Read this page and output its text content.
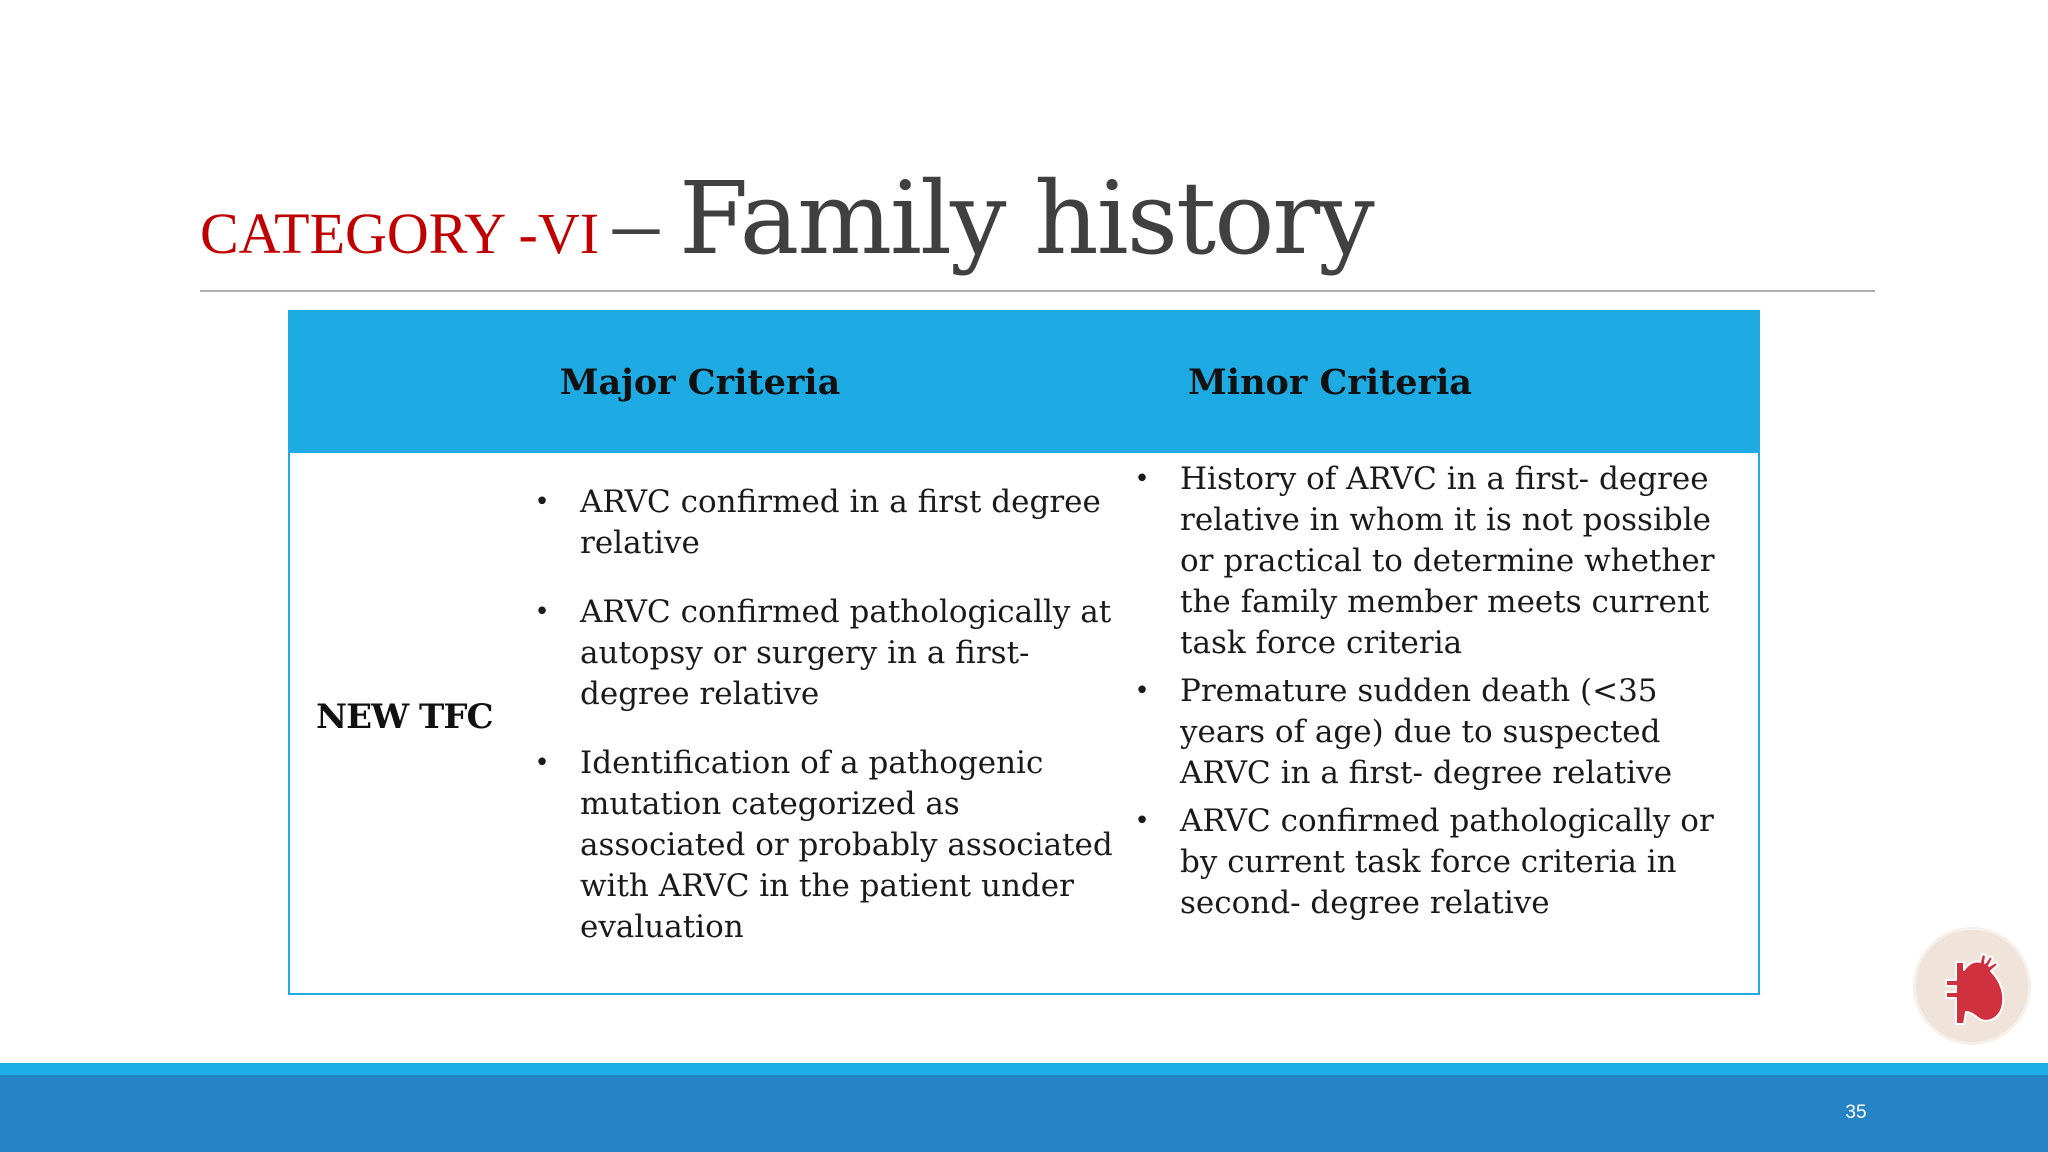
CATEGORY -VI – Family history
Major Criteria	Minor Criteria
NEW TFC
• ARVC confirmed in a first degree relative
• ARVC confirmed pathologically at autopsy or surgery in a first-degree relative
• Identification of a pathogenic mutation categorized as associated or probably associated with ARVC in the patient under evaluation
• History of ARVC in a first- degree relative in whom it is not possible or practical to determine whether the family member meets current task force criteria
• Premature sudden death (<35 years of age) due to suspected ARVC in a first- degree relative
• ARVC confirmed pathologically or by current task force criteria in second- degree relative
35
